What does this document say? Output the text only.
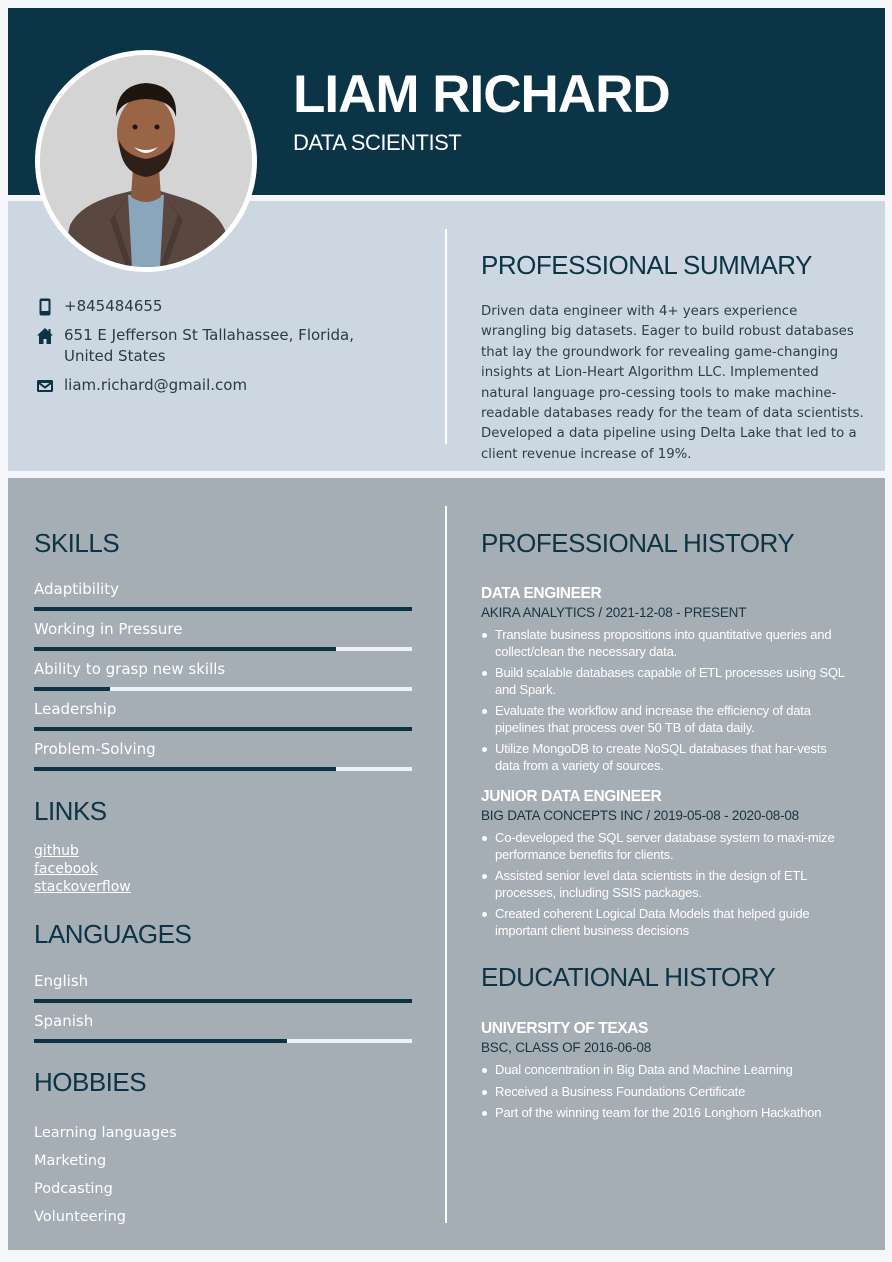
LIAM RICHARD
DATA SCIENTIST
+845484655
651 E Jefferson St Tallahassee, Florida,
United States
liam.richard@gmail.com
PROFESSIONAL SUMMARY
Driven data engineer with 4+ years experience wrangling big datasets. Eager to build robust databases that lay the groundwork for revealing game-changing insights at Lion-Heart Algorithm LLC. Implemented natural language pro-cessing tools to make machine-readable databases ready for the team of data scientists. Developed a data pipeline using Delta Lake that led to a client revenue increase of 19%.
SKILLS
Adaptibility
Working in Pressure
Ability to grasp new skills
Leadership
Problem-Solving
LINKS
github
facebook
stackoverflow
LANGUAGES
English
Spanish
HOBBIES
Learning languages
Marketing
Podcasting
Volunteering
PROFESSIONAL HISTORY
DATA ENGINEER
AKIRA ANALYTICS / 2021-12-08 - PRESENT
Translate business propositions into quantitative queries and collect/clean the necessary data.
Build scalable databases capable of ETL processes using SQL and Spark.
Evaluate the workflow and increase the efficiency of data pipelines that process over 50 TB of data daily.
Utilize MongoDB to create NoSQL databases that har-vests data from a variety of sources.
JUNIOR DATA ENGINEER
BIG DATA CONCEPTS INC / 2019-05-08 - 2020-08-08
Co-developed the SQL server database system to maxi-mize performance benefits for clients.
Assisted senior level data scientists in the design of ETL processes, including SSIS packages.
Created coherent Logical Data Models that helped guide important client business decisions
EDUCATIONAL HISTORY
UNIVERSITY OF TEXAS
BSC, CLASS OF 2016-06-08
Dual concentration in Big Data and Machine Learning
Received a Business Foundations Certificate
Part of the winning team for the 2016 Longhorn Hackathon
